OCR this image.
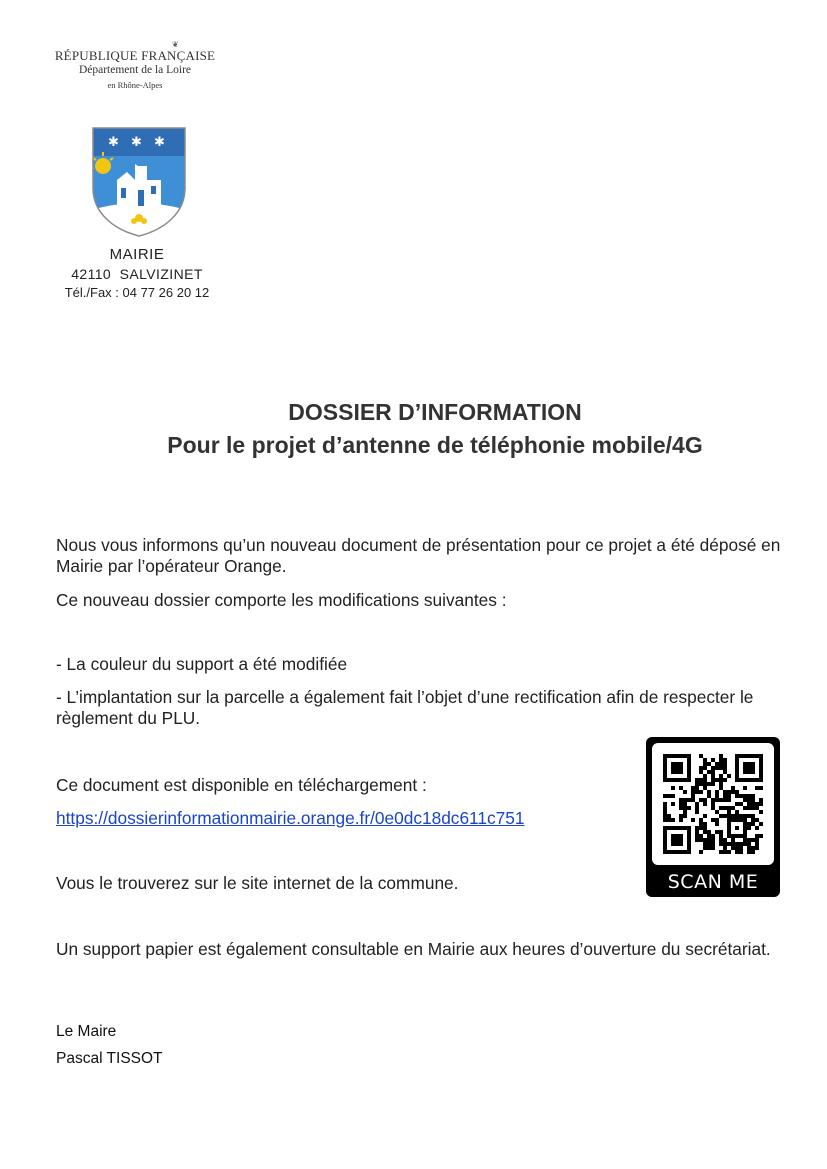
❦
RÉPUBLIQUE FRANÇAISE
Département de la Loire
en Rhône-Alpes
✱ ✱ ✱
MAIRIE
42110  SALVIZINET
Tél./Fax : 04 77 26 20 12
DOSSIER D’INFORMATION
Pour le projet d’antenne de téléphonie mobile/4G
Nous vous informons qu’un nouveau document de présentation pour ce projet a été déposé en Mairie par l’opérateur Orange.
Ce nouveau dossier comporte les modifications suivantes :
- La couleur du support a été modifiée
- L’implantation sur la parcelle a également fait l’objet d’une rectification afin de respecter le règlement du PLU.
Ce document est disponible en téléchargement :
https://dossierinformationmairie.orange.fr/0e0dc18dc611c751
Vous le trouverez sur le site internet de la commune.
Un support papier est également consultable en Mairie aux heures d’ouverture du secrétariat.
Le Maire
Pascal TISSOT
SCAN ME
